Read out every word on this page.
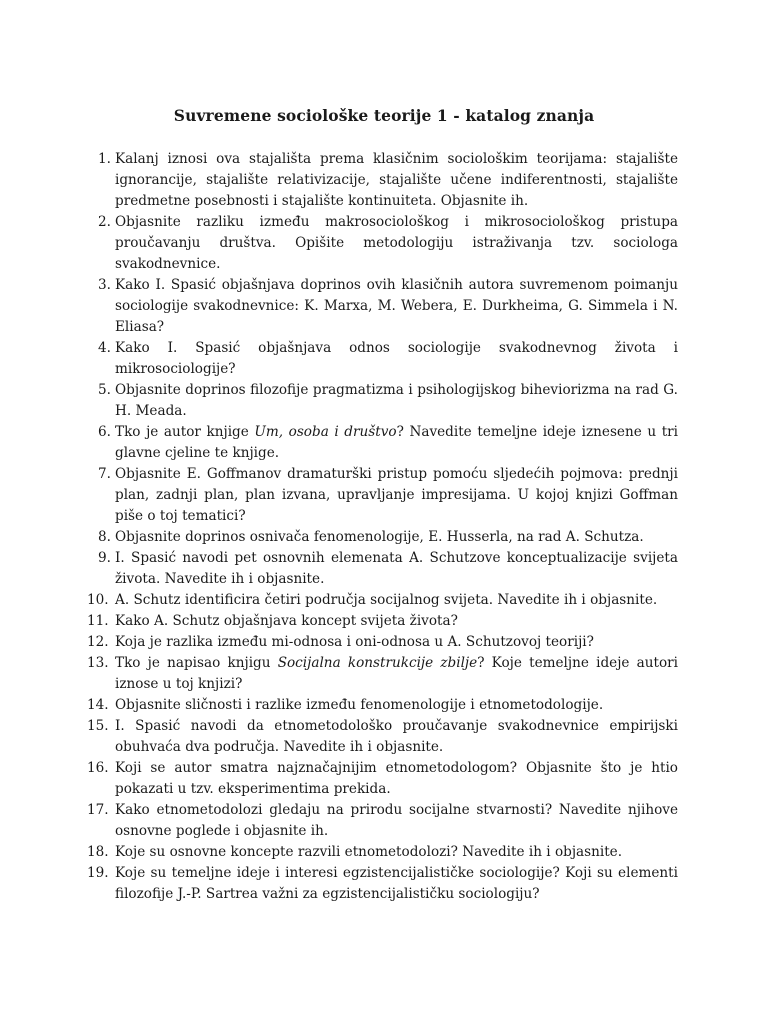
Suvremene sociološke teorije 1 - katalog znanja
1. Kalanj iznosi ova stajališta prema klasičnim sociološkim teorijama: stajalište ignorancije, stajalište relativizacije, stajalište učene indiferentnosti, stajalište predmetne posebnosti i stajalište kontinuiteta. Objasnite ih.
2. Objasnite razliku između makrosociološkog i mikrosociološkog pristupa proučavanju društva. Opišite metodologiju istraživanja tzv. sociologa svakodnevnice.
3. Kako I. Spasić objašnjava doprinos ovih klasičnih autora suvremenom poimanju sociologije svakodnevnice: K. Marxa, M. Webera, E. Durkheima, G. Simmela i N. Eliasa?
4. Kako I. Spasić objašnjava odnos sociologije svakodnevnog života i mikrosociologije?
5. Objasnite doprinos filozofije pragmatizma i psihologijskog biheviorizma na rad G. H. Meada.
6. Tko je autor knjige Um, osoba i društvo? Navedite temeljne ideje iznesene u tri glavne cjeline te knjige.
7. Objasnite E. Goffmanov dramaturški pristup pomoću sljedećih pojmova: prednji plan, zadnji plan, plan izvana, upravljanje impresijama. U kojoj knjizi Goffman piše o toj tematici?
8. Objasnite doprinos osnivača fenomenologije, E. Husserla, na rad A. Schutza.
9. I. Spasić navodi pet osnovnih elemenata A. Schutzove konceptualizacije svijeta života. Navedite ih i objasnite.
10. A. Schutz identificira četiri područja socijalnog svijeta. Navedite ih i objasnite.
11. Kako A. Schutz objašnjava koncept svijeta života?
12. Koja je razlika između mi-odnosa i oni-odnosa u A. Schutzovoj teoriji?
13. Tko je napisao knjigu Socijalna konstrukcije zbilje? Koje temeljne ideje autori iznose u toj knjizi?
14. Objasnite sličnosti i razlike između fenomenologije i etnometodologije.
15. I. Spasić navodi da etnometodološko proučavanje svakodnevnice empirijski obuhvaća dva područja. Navedite ih i objasnite.
16. Koji se autor smatra najznačajnijim etnometodologom? Objasnite što je htio pokazati u tzv. eksperimentima prekida.
17. Kako etnometodolozi gledaju na prirodu socijalne stvarnosti? Navedite njihove osnovne poglede i objasnite ih.
18. Koje su osnovne koncepte razvili etnometodolozi? Navedite ih i objasnite.
19. Koje su temeljne ideje i interesi egzistencijalističke sociologije? Koji su elementi filozofije J.-P. Sartrea važni za egzistencijalističku sociologiju?
